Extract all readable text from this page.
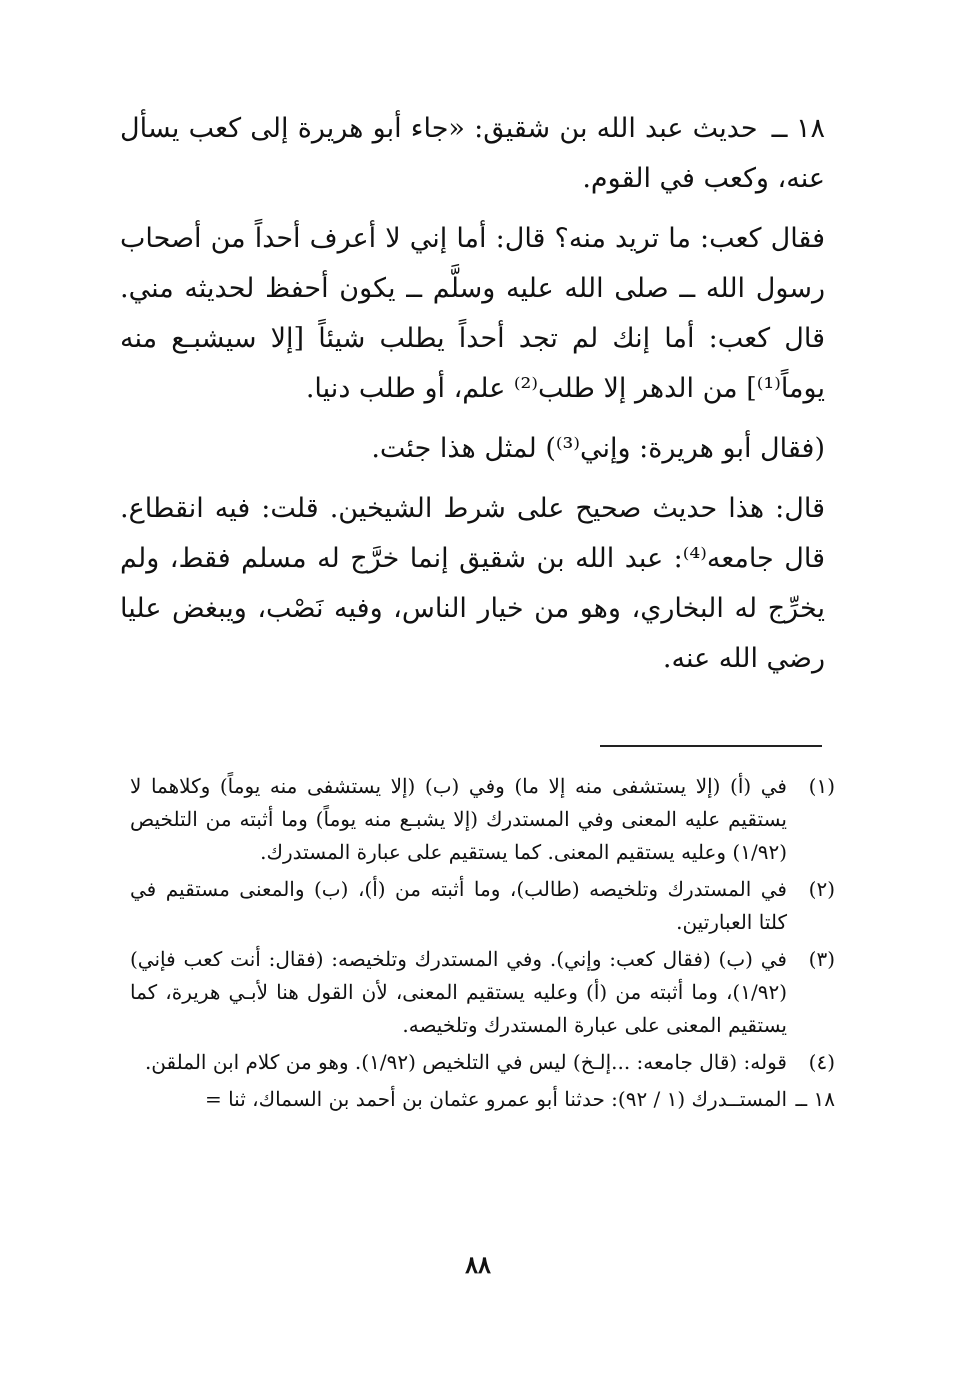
١٨ ــحديث عبد الله بن شقيق: «جاء أبو هريرة إلى كعب يسأل عنه، وكعب في القوم.

فقال كعب: ما تريد منه؟ قال: أما إني لا أعرف أحداً من أصحاب رسول الله ــ صلى الله عليه وسلَّم ــ يكون أحفظ لحديثه مني. قال كعب: أما إنك لم تجد أحداً يطلب شيئاً [إلا سيشبـع منه يوماً⁽¹⁾] من الدهر إلا طلب⁽²⁾ علم، أو طلب دنيا.

(فقال أبو هريرة: وإني⁽³⁾) لمثل هذا جئت.

قال: هذا حديث صحيح على شرط الشيخين. قلت: فيه انقطاع. قال جامعه⁽⁴⁾: عبد الله بن شقيق إنما خرَّج له مسلم فقط، ولم يخرِّج له البخاري، وهو من خيار الناس، وفيه نَصْب، ويبغض عليا رضي الله عنه.

(١)
في (أ) (إلا يستشفى منه إلا ما) وفي (ب) (إلا يستشفى منه يوماً) وكلاهما لا يستقيم عليه المعنى وفي المستدرك (إلا يشبـع منه يوماً) وما أثبته من التلخيص (١/٩٢) وعليه يستقيم المعنى. كما يستقيم على عبارة المستدرك.
(٢)
في المستدرك وتلخيصه (طالب)، وما أثبته من (أ)، (ب) والمعنى مستقيم في كلتا العبارتين.
(٣)
في (ب) (فقال كعب: وإني). وفي المستدرك وتلخيصه: (فقال: أنت كعب فإني) (١/٩٢)، وما أثبته من (أ) وعليه يستقيم المعنى، لأن القول هنا لأبـي هريرة، كما يستقيم المعنى على عبارة المستدرك وتلخيصه.
(٤)
قوله: (قال جامعه: ...إلـخ) ليس في التلخيص (١/٩٢). وهو من كلام ابن الملقن.
١٨ ــ
المستــدرك (١ / ٩٢): حدثنا أبو عمرو عثمان بن أحمد بن السماك، ثنا =
٨٨
